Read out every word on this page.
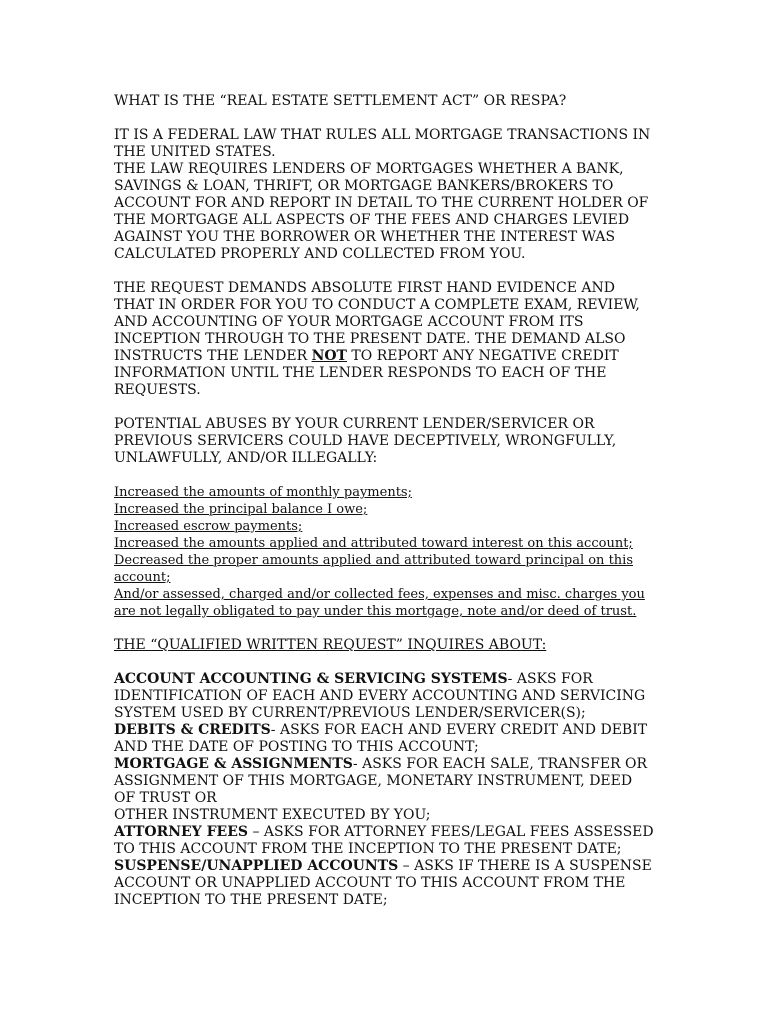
WHAT IS THE “REAL ESTATE SETTLEMENT ACT” OR RESPA?

IT IS A FEDERAL LAW THAT RULES ALL MORTGAGE TRANSACTIONS IN THE UNITED STATES.

THE LAW REQUIRES LENDERS OF MORTGAGES WHETHER A BANK, SAVINGS & LOAN, THRIFT, OR MORTGAGE BANKERS/BROKERS TO ACCOUNT FOR AND REPORT IN DETAIL TO THE CURRENT HOLDER OF THE MORTGAGE ALL ASPECTS OF THE FEES AND CHARGES LEVIED AGAINST YOU THE BORROWER OR WHETHER THE INTEREST WAS CALCULATED PROPERLY AND COLLECTED FROM YOU.

THE REQUEST DEMANDS ABSOLUTE FIRST HAND EVIDENCE AND THAT IN ORDER FOR YOU TO CONDUCT A COMPLETE EXAM, REVIEW, AND ACCOUNTING OF YOUR MORTGAGE ACCOUNT FROM ITS INCEPTION THROUGH TO THE PRESENT DATE. THE DEMAND ALSO INSTRUCTS THE LENDER NOT TO REPORT ANY NEGATIVE CREDIT INFORMATION UNTIL THE LENDER RESPONDS TO EACH OF THE REQUESTS.

POTENTIAL ABUSES BY YOUR CURRENT LENDER/SERVICER OR PREVIOUS SERVICERS COULD HAVE DECEPTIVELY, WRONGFULLY, UNLAWFULLY, AND/OR ILLEGALLY:

Increased the amounts of monthly payments;

Increased the principal balance I owe;

Increased escrow payments;

Increased the amounts applied and attributed toward interest on this account;

Decreased the proper amounts applied and attributed toward principal on this account;

And/or assessed, charged and/or collected fees, expenses and misc. charges you are not legally obligated to pay under this mortgage, note and/or deed of trust.

THE “QUALIFIED WRITTEN REQUEST” INQUIRES ABOUT:

ACCOUNT ACCOUNTING & SERVICING SYSTEMS- ASKS FOR IDENTIFICATION OF EACH AND EVERY ACCOUNTING AND SERVICING SYSTEM USED BY CURRENT/PREVIOUS LENDER/SERVICER(S);

DEBITS & CREDITS- ASKS FOR EACH AND EVERY CREDIT AND DEBIT AND THE DATE OF POSTING TO THIS ACCOUNT;

MORTGAGE & ASSIGNMENTS- ASKS FOR EACH SALE, TRANSFER OR ASSIGNMENT OF THIS MORTGAGE, MONETARY INSTRUMENT, DEED OF TRUST OR

OTHER INSTRUMENT EXECUTED BY YOU;

ATTORNEY FEES – ASKS FOR ATTORNEY FEES/LEGAL FEES ASSESSED TO THIS ACCOUNT FROM THE INCEPTION TO THE PRESENT DATE;

SUSPENSE/UNAPPLIED ACCOUNTS – ASKS IF THERE IS A SUSPENSE ACCOUNT OR UNAPPLIED ACCOUNT TO THIS ACCOUNT FROM THE INCEPTION TO THE PRESENT DATE;
